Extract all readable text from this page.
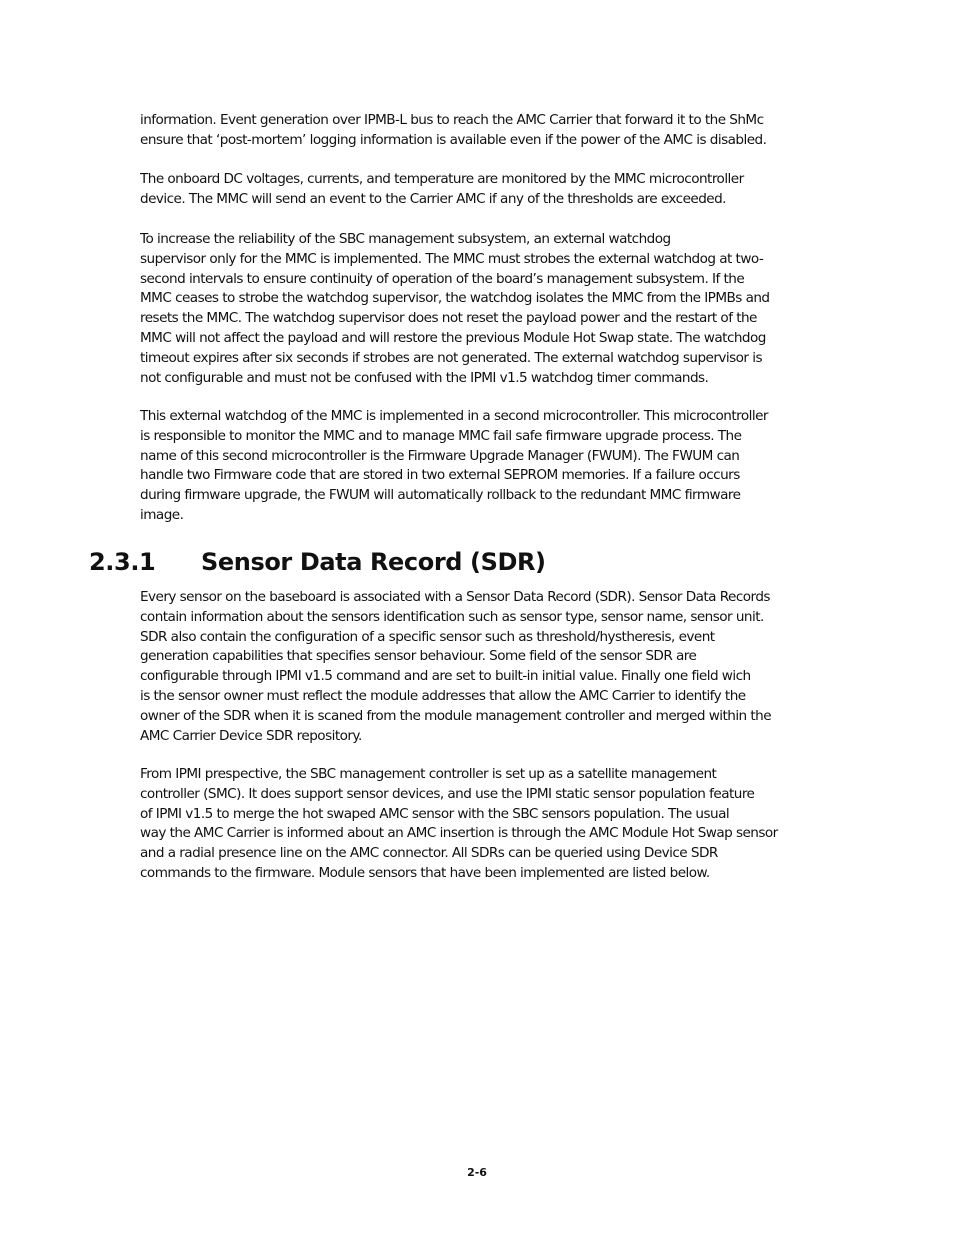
information. Event generation over IPMB-L bus to reach the AMC Carrier that forward it to the ShMc
ensure that ‘post-mortem’ logging information is available even if the power of the AMC is disabled.
The onboard DC voltages, currents, and temperature are monitored by the MMC microcontroller
device. The MMC will send an event to the Carrier AMC if any of the thresholds are exceeded.
To increase the reliability of the SBC management subsystem, an external watchdog
supervisor only for the MMC is implemented. The MMC must strobes the external watchdog at two-
second intervals to ensure continuity of operation of the board’s management subsystem. If the
MMC ceases to strobe the watchdog supervisor, the watchdog isolates the MMC from the IPMBs and
resets the MMC. The watchdog supervisor does not reset the payload power and the restart of the
MMC will not affect the payload and will restore the previous Module Hot Swap state. The watchdog
timeout expires after six seconds if strobes are not generated. The external watchdog supervisor is
not configurable and must not be confused with the IPMI v1.5 watchdog timer commands.
This external watchdog of the MMC is implemented in a second microcontroller. This microcontroller
is responsible to monitor the MMC and to manage MMC fail safe firmware upgrade process. The
name of this second microcontroller is the Firmware Upgrade Manager (FWUM). The FWUM can
handle two Firmware code that are stored in two external SEPROM memories. If a failure occurs
during firmware upgrade, the FWUM will automatically rollback to the redundant MMC firmware
image.
2.3.1 Sensor Data Record (SDR)
Every sensor on the baseboard is associated with a Sensor Data Record (SDR). Sensor Data Records
contain information about the sensors identification such as sensor type, sensor name, sensor unit.
SDR also contain the configuration of a specific sensor such as threshold/hystheresis, event
generation capabilities that specifies sensor behaviour. Some field of the sensor SDR are
configurable through IPMI v1.5 command and are set to built-in initial value. Finally one field wich
is the sensor owner must reflect the module addresses that allow the AMC Carrier to identify the
owner of the SDR when it is scaned from the module management controller and merged within the
AMC Carrier Device SDR repository.
From IPMI prespective, the SBC management controller is set up as a satellite management
controller (SMC). It does support sensor devices, and use the IPMI static sensor population feature
of IPMI v1.5 to merge the hot swaped AMC sensor with the SBC sensors population. The usual
way the AMC Carrier is informed about an AMC insertion is through the AMC Module Hot Swap sensor
and a radial presence line on the AMC connector. All SDRs can be queried using Device SDR
commands to the firmware. Module sensors that have been implemented are listed below.
2-6
